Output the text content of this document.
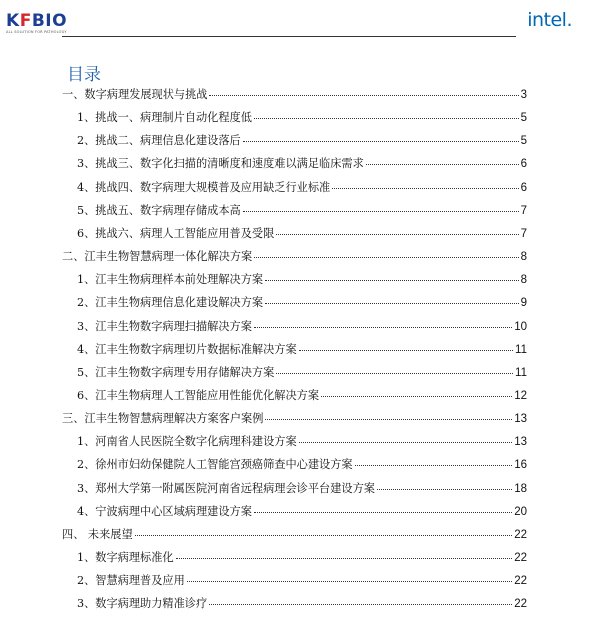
KFBIO
ALL SOLUTION FOR PATHOLOGY
intel.
目录
一、数字病理发展现状与挑战	3
1、挑战一、病理制片自动化程度低	5
2、挑战二、病理信息化建设落后	5
3、挑战三、数字化扫描的清晰度和速度难以满足临床需求	6
4、挑战四、数字病理大规模普及应用缺乏行业标准	6
5、挑战五、数字病理存储成本高	7
6、挑战六、病理人工智能应用普及受限	7
二、江丰生物智慧病理一体化解决方案	8
1、江丰生物病理样本前处理解决方案	8
2、江丰生物病理信息化建设解决方案	9
3、江丰生物数字病理扫描解决方案	10
4、江丰生物数字病理切片数据标准解决方案	11
5、江丰生物数字病理专用存储解决方案	11
6、江丰生物病理人工智能应用性能优化解决方案	12
三、江丰生物智慧病理解决方案客户案例	13
1、河南省人民医院全数字化病理科建设方案	13
2、徐州市妇幼保健院人工智能宫颈癌筛查中心建设方案	16
3、郑州大学第一附属医院河南省远程病理会诊平台建设方案	18
4、宁波病理中心区域病理建设方案	20
四、 未来展望	22
1、数字病理标准化	22
2、智慧病理普及应用	22
3、数字病理助力精准诊疗	22
